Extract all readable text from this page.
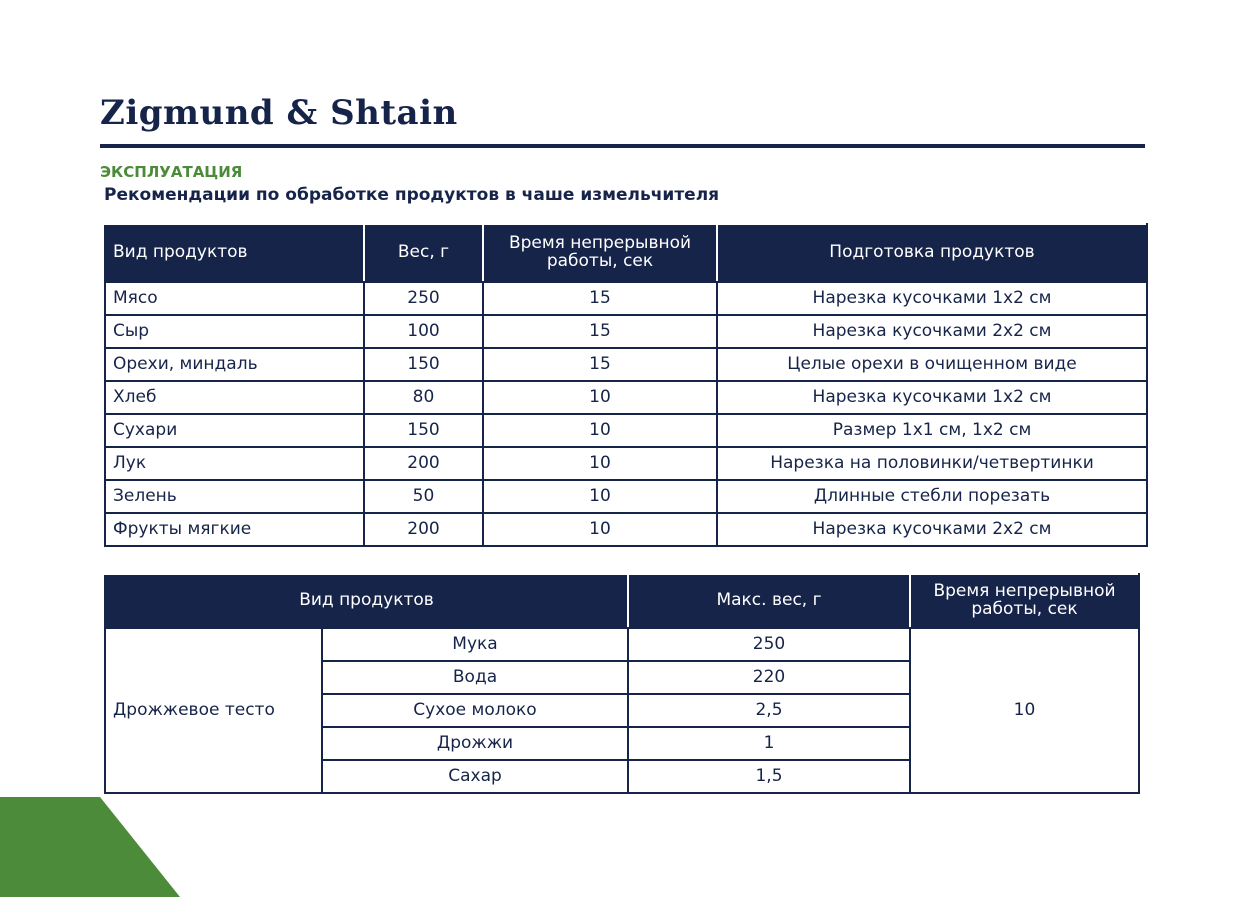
Zigmund & Shtain
ЭКСПЛУАТАЦИЯ
Рекомендации по обработке продуктов в чаше измельчителя
Вид продуктов	Вес, г	Время непрерывной работы, сек	Подготовка продуктов
Мясо	250	15	Нарезка кусочками 1х2 см
Сыр	100	15	Нарезка кусочками 2х2 см
Орехи, миндаль	150	15	Целые орехи в очищенном виде
Хлеб	80	10	Нарезка кусочками 1х2 см
Сухари	150	10	Размер 1х1 см, 1х2 см
Лук	200	10	Нарезка на половинки/четвертинки
Зелень	50	10	Длинные стебли порезать
Фрукты мягкие	200	10	Нарезка кусочками 2х2 см
Вид продуктов		Макс. вес, г	Время непрерывной работы, сек
Дрожжевое тесто	Мука	250	10
	Вода	220	
	Сухое молоко	2,5	
	Дрожжи	1	
	Сахар	1,5	
